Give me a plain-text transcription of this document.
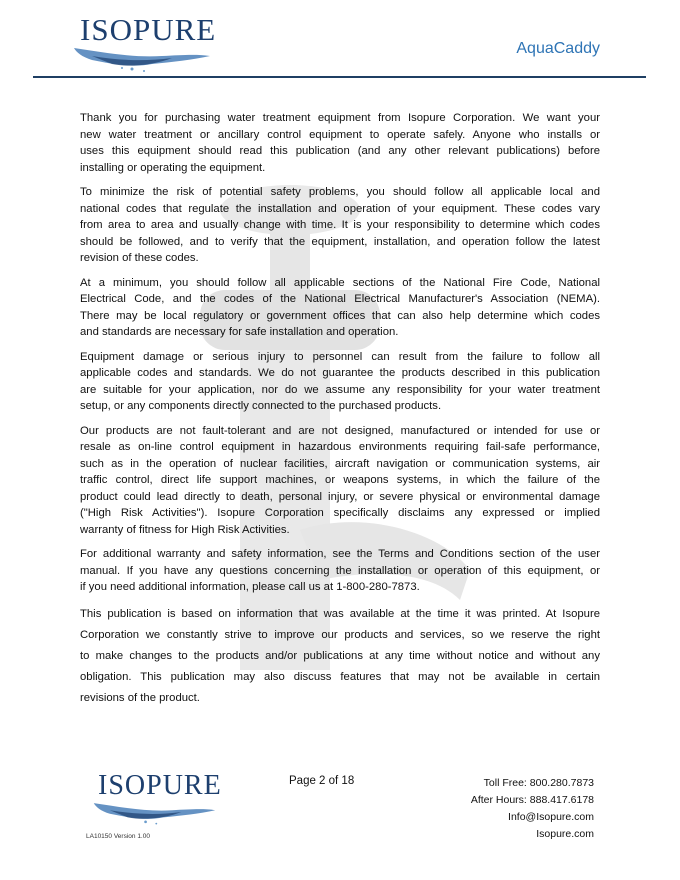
ISOPURE
AquaCaddy
Thank you for purchasing water treatment equipment from Isopure Corporation. We want your
new water treatment or ancillary control equipment to operate safely. Anyone who installs or
uses this equipment should read this publication (and any other relevant publications) before
installing or operating the equipment.
To minimize the risk of potential safety problems, you should follow all applicable local and
national codes that regulate the installation and operation of your equipment. These codes vary
from area to area and usually change with time. It is your responsibility to determine which codes
should be followed, and to verify that the equipment, installation, and operation follow the latest
revision of these codes.
At a minimum, you should follow all applicable sections of the National Fire Code, National
Electrical Code, and the codes of the National Electrical Manufacturer's Association (NEMA).
There may be local regulatory or government offices that can also help determine which codes
and standards are necessary for safe installation and operation.
Equipment damage or serious injury to personnel can result from the failure to follow all
applicable codes and standards. We do not guarantee the products described in this publication
are suitable for your application, nor do we assume any responsibility for your water treatment
setup, or any components directly connected to the purchased products.
Our products are not fault-tolerant and are not designed, manufactured or intended for use or
resale as on-line control equipment in hazardous environments requiring fail-safe performance,
such as in the operation of nuclear facilities, aircraft navigation or communication systems, air
traffic control, direct life support machines, or weapons systems, in which the failure of the
product could lead directly to death, personal injury, or severe physical or environmental damage
("High Risk Activities"). Isopure Corporation specifically disclaims any expressed or implied
warranty of fitness for High Risk Activities.
For additional warranty and safety information, see the Terms and Conditions section of the user
manual. If you have any questions concerning the installation or operation of this equipment, or
if you need additional information, please call us at 1-800-280-7873.
This publication is based on information that was available at the time it was printed. At Isopure
Corporation we constantly strive to improve our products and services, so we reserve the right
to make changes to the products and/or publications at any time without notice and without any
obligation. This publication may also discuss features that may not be available in certain
revisions of the product.
ISOPURE	Page 2 of 18	Toll Free: 800.280.7873
After Hours: 888.417.6178
Info@Isopure.com
Isopure.com
LA10150 Version 1.00
